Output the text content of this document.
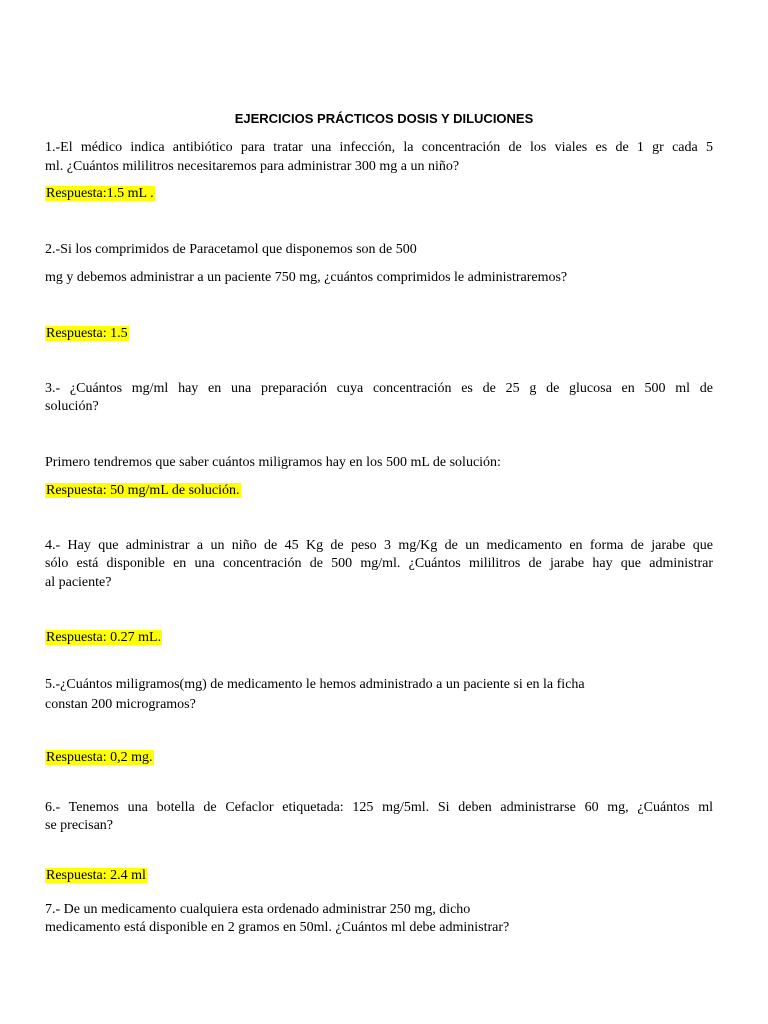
EJERCICIOS PRÁCTICOS DOSIS Y DILUCIONES
1.-El médico indica antibiótico para tratar una infección, la concentración de los viales es de 1 gr cada 5
ml. ¿Cuántos mililitros necesitaremos para administrar 300 mg a un niño?
Respuesta:1.5 mL .
2.-Si los comprimidos de Paracetamol que disponemos son de 500
mg y debemos administrar a un paciente 750 mg, ¿cuántos comprimidos le administraremos?
Respuesta: 1.5
3.- ¿Cuántos mg/ml hay en una preparación cuya concentración es de 25 g de glucosa en 500 ml de
solución?
Primero tendremos que saber cuántos miligramos hay en los 500 mL de solución:
Respuesta: 50 mg/mL de solución.
4.- Hay que administrar a un niño de 45 Kg de peso 3 mg/Kg de un medicamento en forma de jarabe que
sólo está disponible en una concentración de 500 mg/ml. ¿Cuántos mililitros de jarabe hay que administrar
al paciente?
Respuesta: 0.27 mL.
5.-¿Cuántos miligramos(mg) de medicamento le hemos administrado a un paciente si en la ficha
constan 200 microgramos?
Respuesta: 0,2 mg.
6.- Tenemos una botella de Cefaclor etiquetada: 125 mg/5ml. Si deben administrarse 60 mg, ¿Cuántos ml
se precisan?
Respuesta: 2.4 ml
7.- De un medicamento cualquiera esta ordenado administrar 250 mg, dicho
medicamento está disponible en 2 gramos en 50ml. ¿Cuántos ml debe administrar?
